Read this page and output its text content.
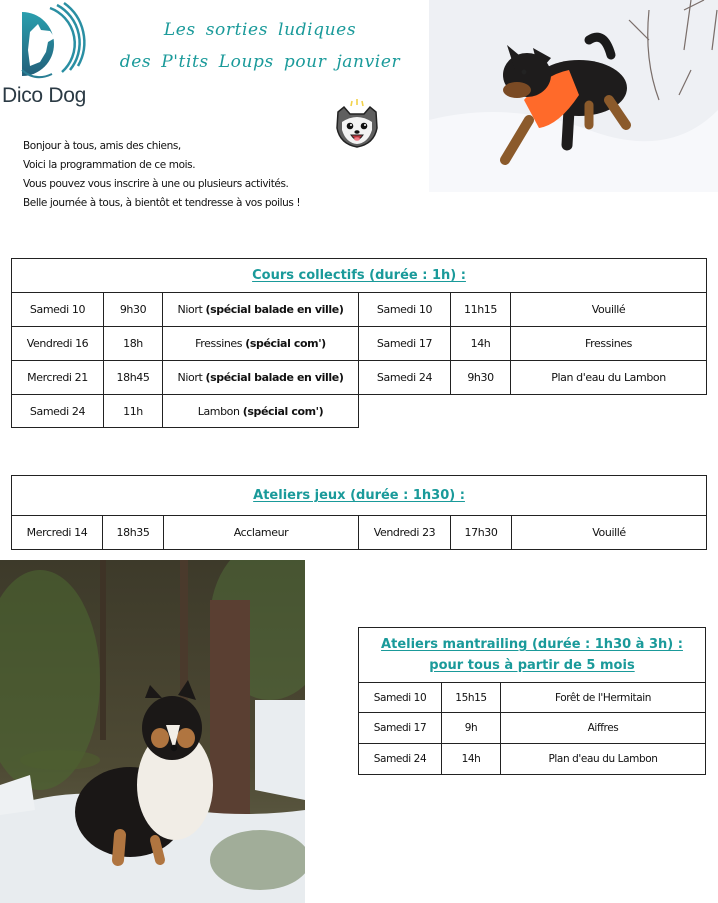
Dico Dog
Les sorties ludiques
des P'tits Loups pour janvier
Bonjour à tous, amis des chiens,
Voici la programmation de ce mois.
Vous pouvez vous inscrire à une ou plusieurs activités.
Belle journée à tous, à bientôt et tendresse à vos poilus !
Cours collectifs (durée : 1h) :					
Samedi 10	9h30	Niort (spécial balade en ville)	Samedi 10	11h15	Vouillé
Vendredi 16	18h	Fressines (spécial com')	Samedi 17	14h	Fressines
Mercredi 21	18h45	Niort (spécial balade en ville)	Samedi 24	9h30	Plan d'eau du Lambon
Samedi 24	11h	Lambon (spécial com')			
Ateliers jeux (durée : 1h30) :
Mercredi 14	18h35	Acclameur	Vendredi 23	17h30	Vouillé
Ateliers mantrailing (durée : 1h30 à 3h) :
pour tous à partir de 5 mois		

Samedi 10	15h15	Forêt de l'Hermitain
Samedi 17	9h	Aiffres
Samedi 24	14h	Plan d'eau du Lambon
